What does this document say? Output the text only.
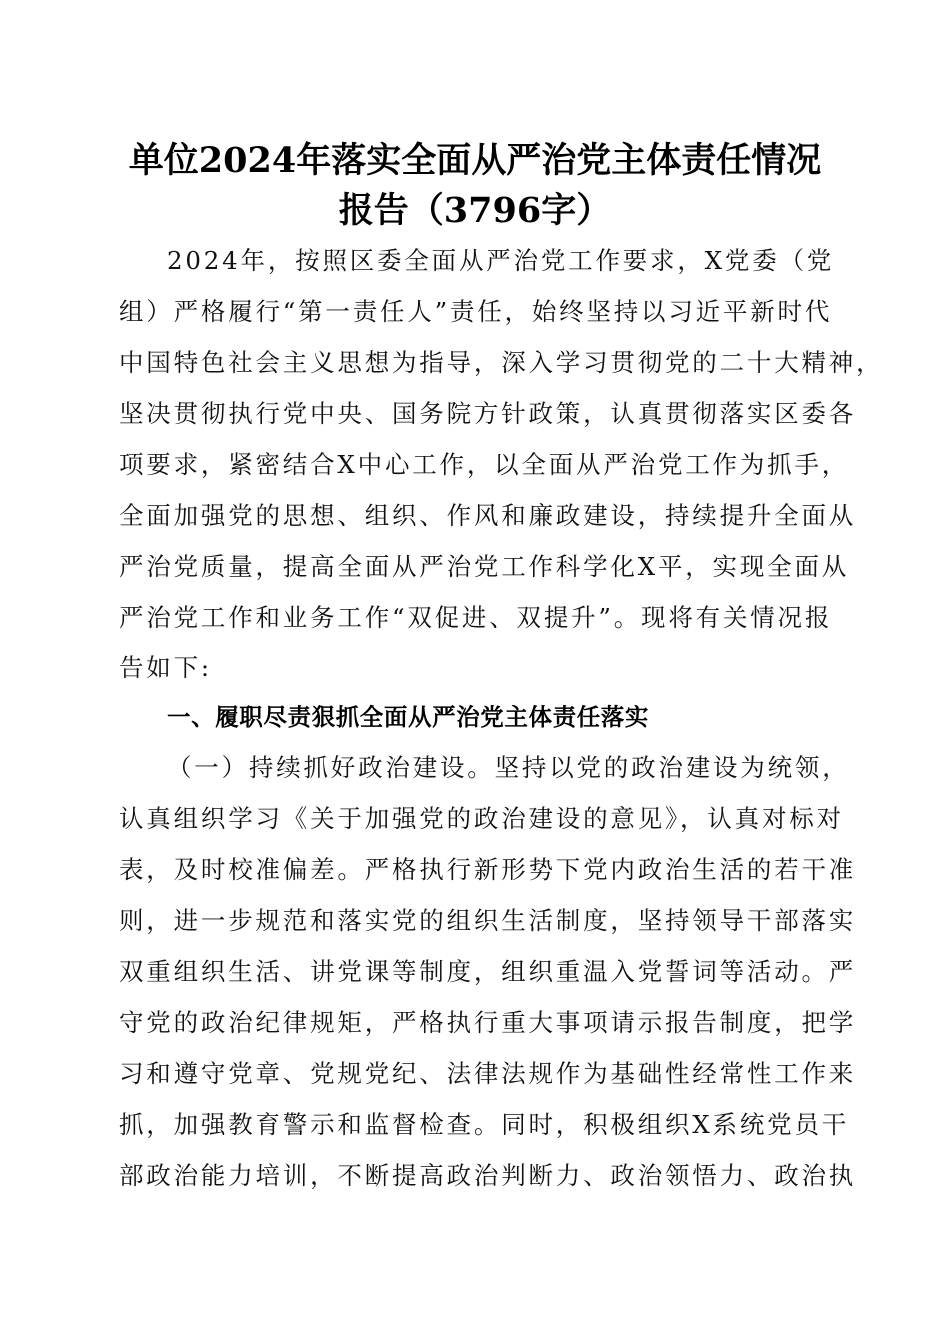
单位2024年落实全面从严治党主体责任情况
报告（3796字）

2024年，按照区委全面从严治党工作要求，X党委（党

组）严格履行“第一责任人”责任，始终坚持以习近平新时代

中国特色社会主义思想为指导，深入学习贯彻党的二十大精神，

坚决贯彻执行党中央、国务院方针政策，认真贯彻落实区委各

项要求，紧密结合X中心工作，以全面从严治党工作为抓手，

全面加强党的思想、组织、作风和廉政建设，持续提升全面从

严治党质量，提高全面从严治党工作科学化X平，实现全面从

严治党工作和业务工作“双促进、双提升”。现将有关情况报

告如下:

一、履职尽责狠抓全面从严治党主体责任落实

（一）持续抓好政治建设。坚持以党的政治建设为统领，

认真组织学习《关于加强党的政治建设的意见》，认真对标对

表，及时校准偏差。严格执行新形势下党内政治生活的若干准

则，进一步规范和落实党的组织生活制度，坚持领导干部落实

双重组织生活、讲党课等制度，组织重温入党誓词等活动。严

守党的政治纪律规矩，严格执行重大事项请示报告制度，把学

习和遵守党章、党规党纪、法律法规作为基础性经常性工作来

抓，加强教育警示和监督检查。同时，积极组织X系统党员干

部政治能力培训，不断提高政治判断力、政治领悟力、政治执
